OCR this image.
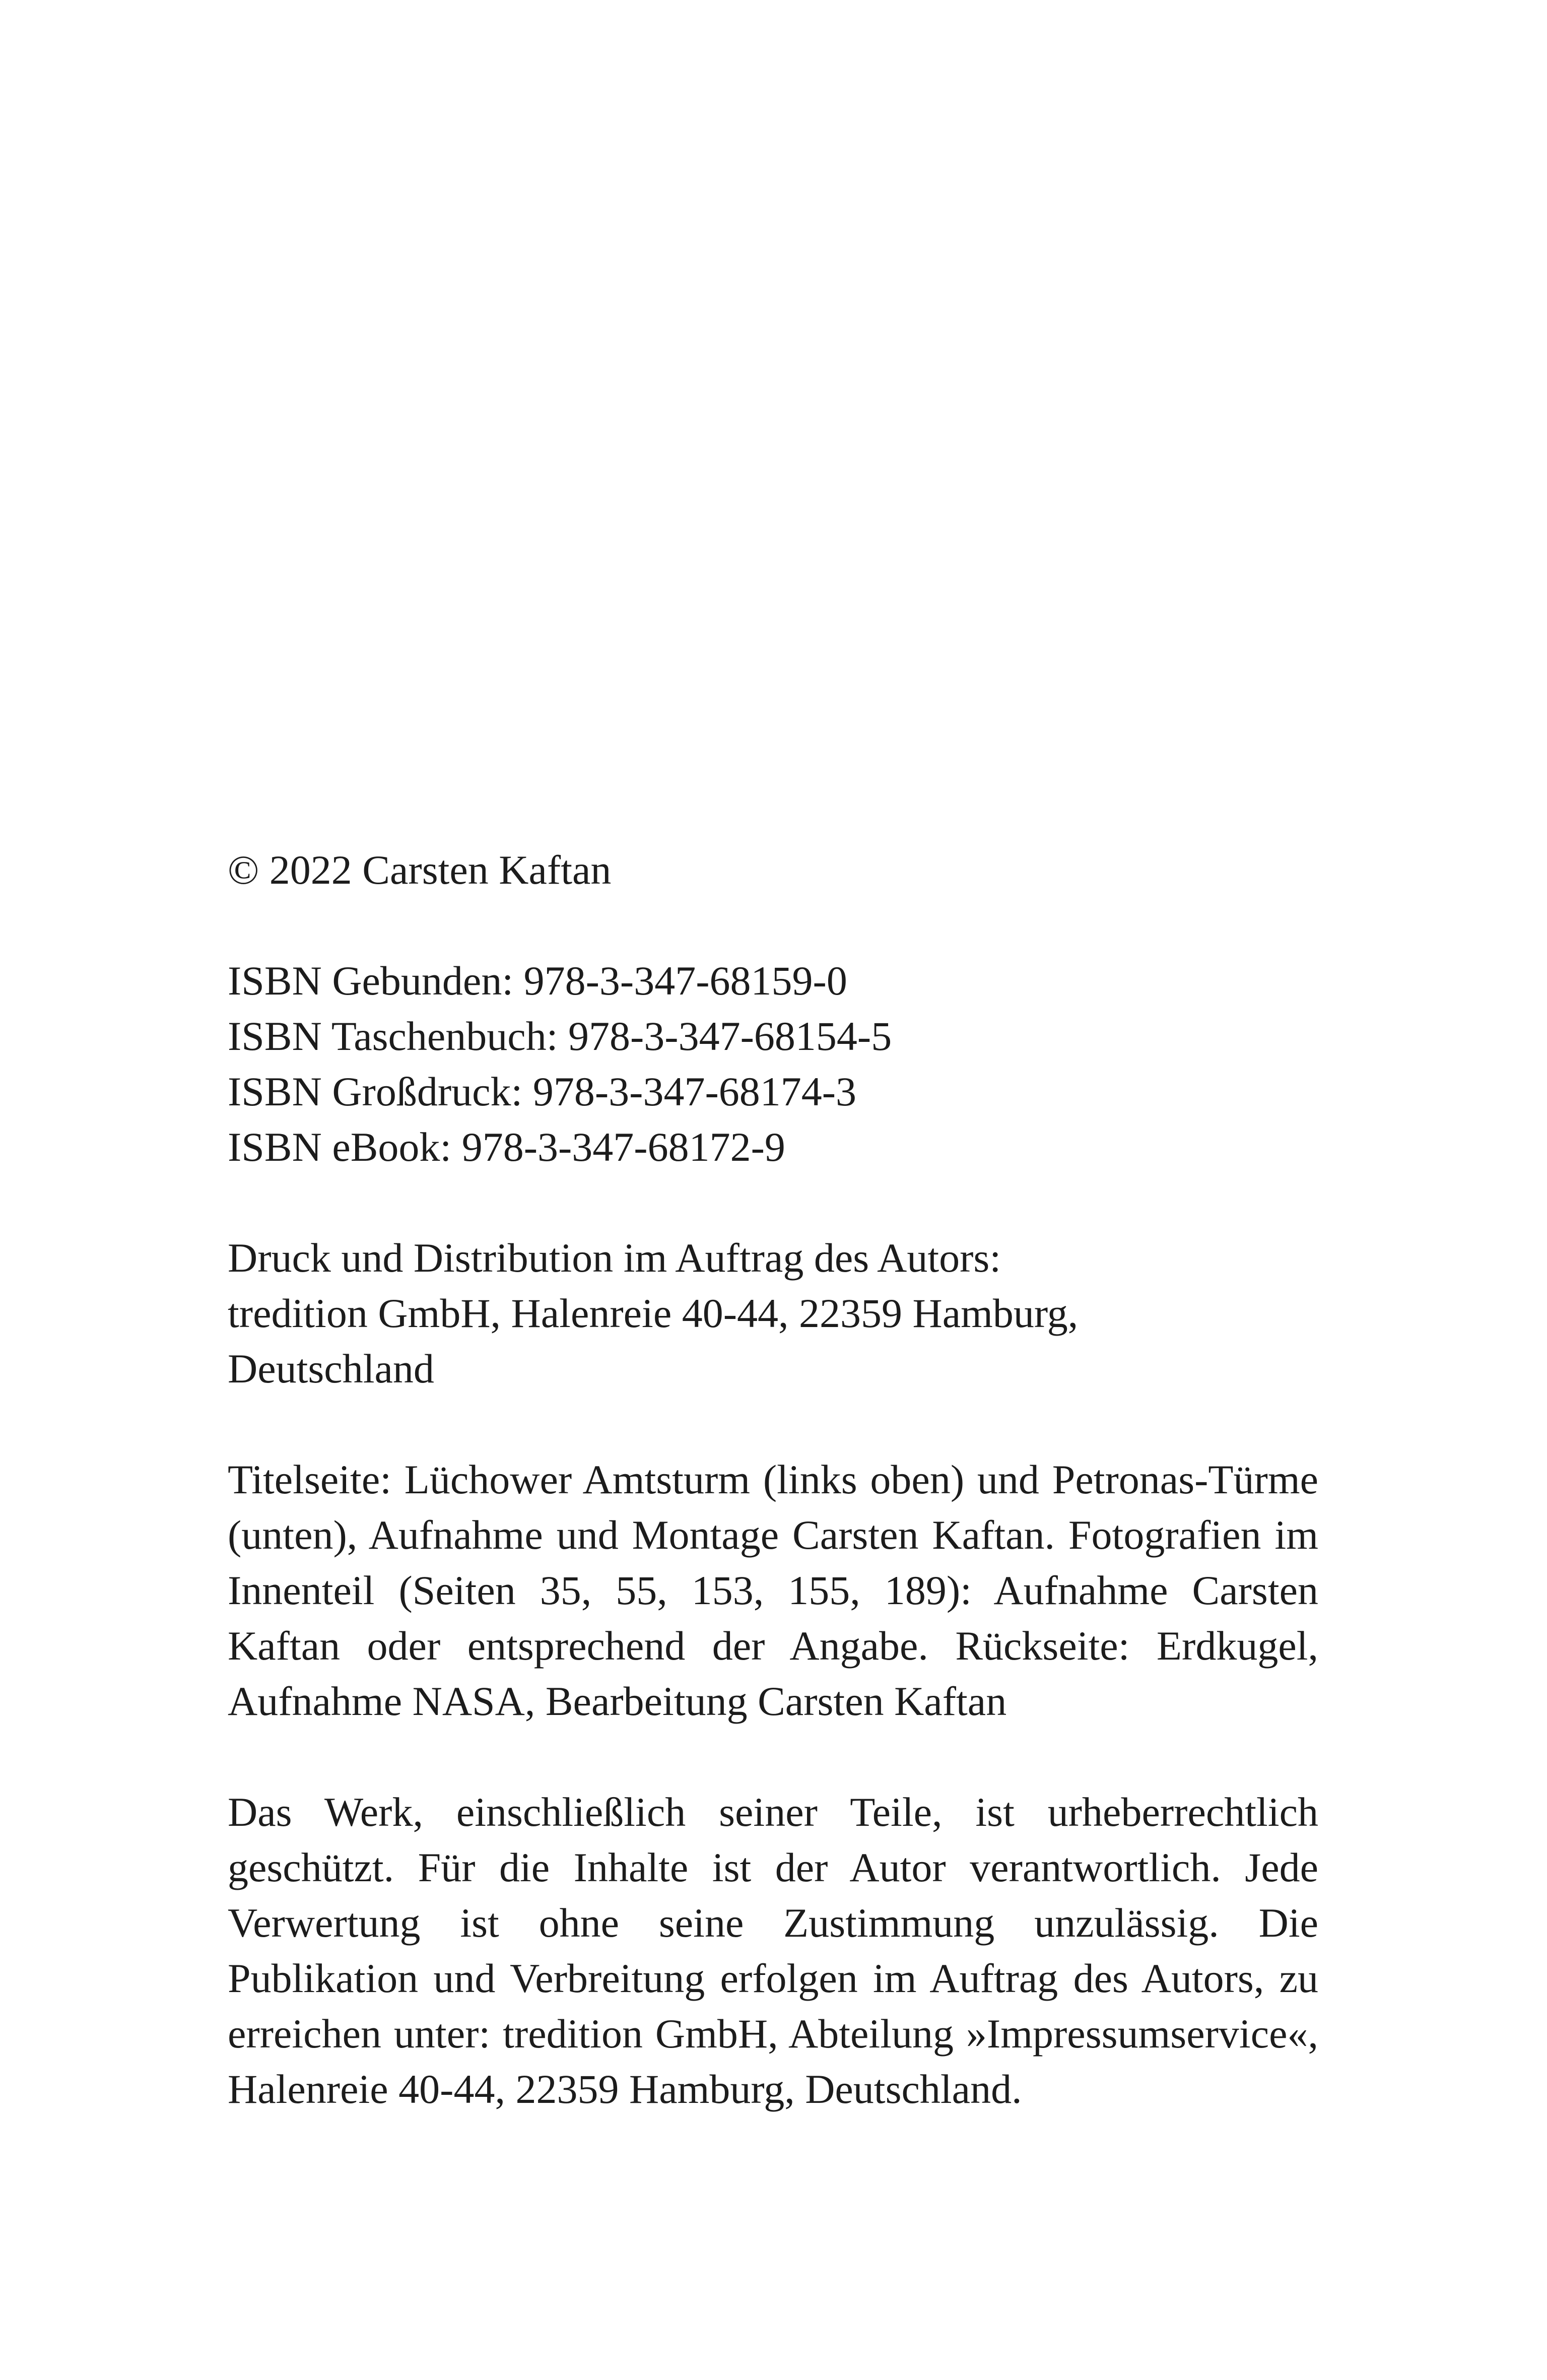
© 2022 Carsten Kaftan
ISBN Gebunden: 978-3-347-68159-0
ISBN Taschenbuch: 978-3-347-68154-5
ISBN Großdruck: 978-3-347-68174-3
ISBN eBook: 978-3-347-68172-9
Druck und Distribution im Auftrag des Autors:
tredition GmbH, Halenreie 40-44, 22359 Hamburg,
Deutschland
Titelseite: Lüchower Amtsturm (links oben) und Petronas-Türme (unten), Aufnahme und Montage Carsten Kaftan. Fotografien im Innenteil (Seiten 35, 55, 153, 155, 189): Aufnahme Carsten Kaftan oder entsprechend der Angabe. Rückseite: Erdkugel, Aufnahme NASA, Bearbeitung Carsten Kaftan
Das Werk, einschließlich seiner Teile, ist urheberrechtlich geschützt. Für die Inhalte ist der Autor verantwortlich. Jede Verwertung ist ohne seine Zustimmung unzulässig. Die Publikation und Verbreitung erfolgen im Auftrag des Autors, zu erreichen unter: tredition GmbH, Abteilung »Impressumservice«, Halenreie 40-44, 22359 Hamburg, Deutschland.
